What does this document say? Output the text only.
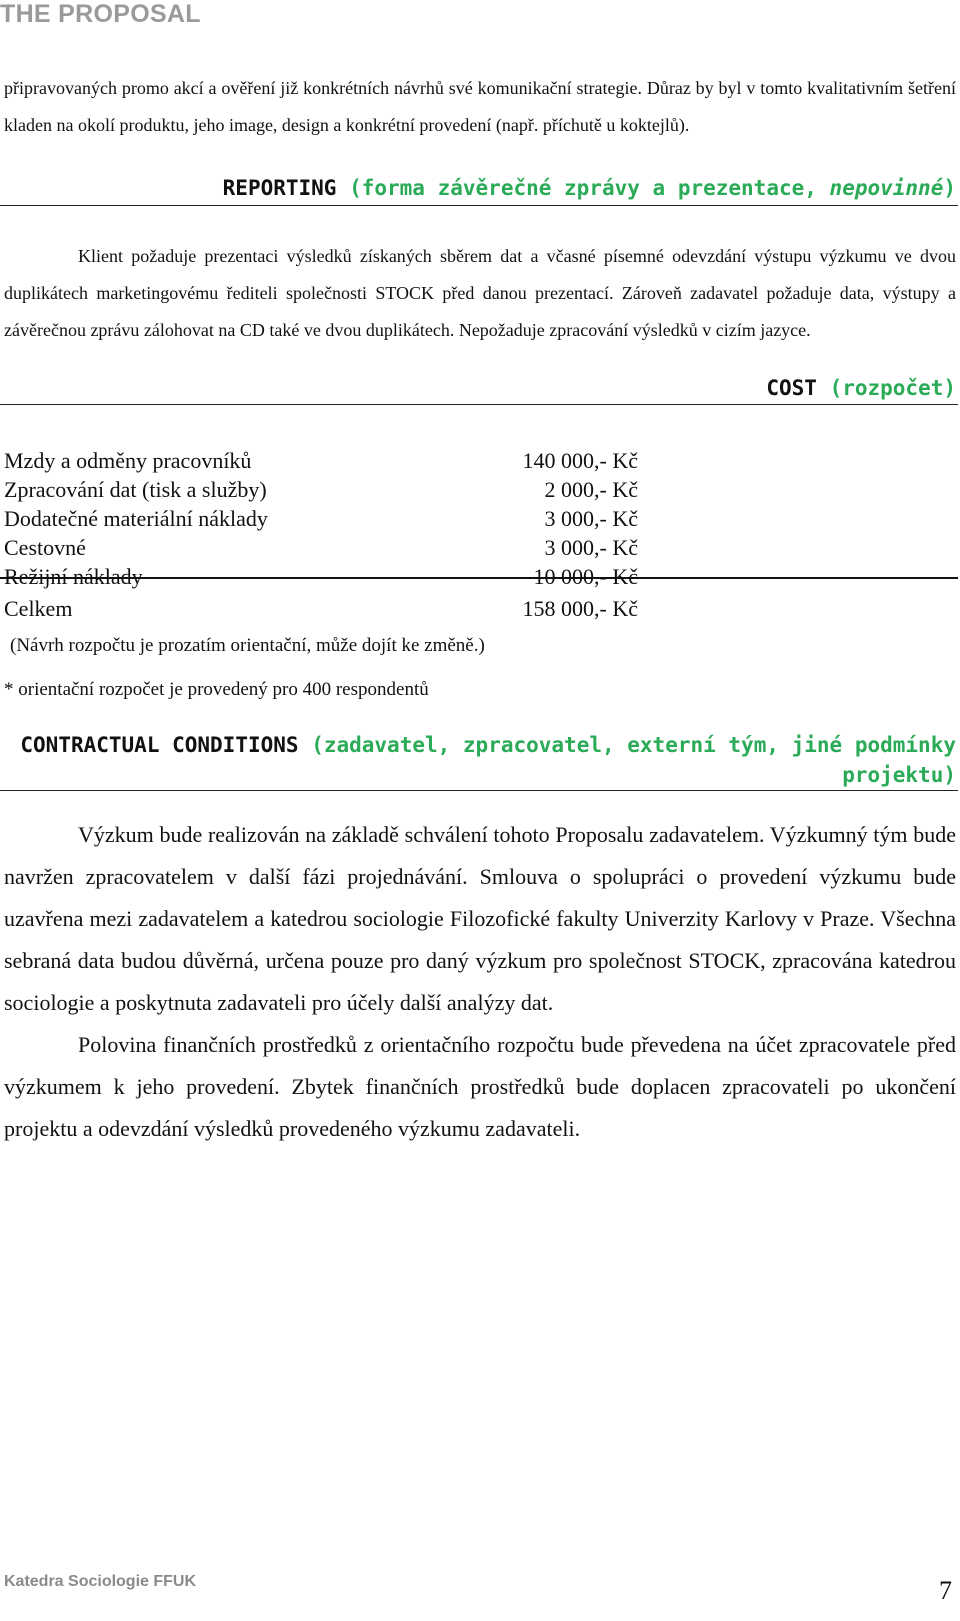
THE PROPOSAL

připravovaných promo akcí a ověření již konkrétních návrhů své komunikační strategie. Důraz by byl v tomto kvalitativním šetření kladen na okolí produktu, jeho image, design a konkrétní provedení (např. příchutě u koktejlů).

REPORTING (forma závěrečné zprávy a prezentace, nepovinné)

Klient požaduje prezentaci výsledků získaných sběrem dat a včasné písemné odevzdání výstupu výzkumu ve dvou duplikátech marketingovému řediteli společnosti STOCK před danou prezentací. Zároveň zadavatel požaduje data, výstupy a závěrečnou zprávu zálohovat na CD také ve dvou duplikátech. Nepožaduje zpracování výsledků v cizím jazyce.

COST (rozpočet)
Mzdy a odměny pracovníků	140 000,- Kč
Zpracování dat (tisk a služby)	2 000,- Kč
Dodatečné materiální náklady	3 000,- Kč
Cestovné	3 000,- Kč
Režijní náklady	10 000,- Kč
Celkem	158 000,- Kč
(Návrh rozpočtu je prozatím orientační, může dojít ke změně.)
* orientační rozpočet je provedený pro 400 respondentů
CONTRACTUAL CONDITIONS (zadavatel, zpracovatel, externí tým, jiné podmínky
projektu)

Výzkum bude realizován na základě schválení tohoto Proposalu zadavatelem. Výzkumný tým bude navržen zpracovatelem v další fázi projednávání. Smlouva o spolupráci o provedení výzkumu bude uzavřena mezi zadavatelem a katedrou sociologie Filozofické fakulty Univerzity Karlovy v Praze. Všechna sebraná data budou důvěrná, určena pouze pro daný výzkum pro společnost STOCK, zpracována katedrou sociologie a poskytnuta zadavateli pro účely další analýzy dat.

Polovina finančních prostředků z orientačního rozpočtu bude převedena na účet zpracovatele před výzkumem k jeho provedení. Zbytek finančních prostředků bude doplacen zpracovateli po ukončení projektu a odevzdání výsledků provedeného výzkumu zadavateli.

Katedra Sociologie FFUK	7
